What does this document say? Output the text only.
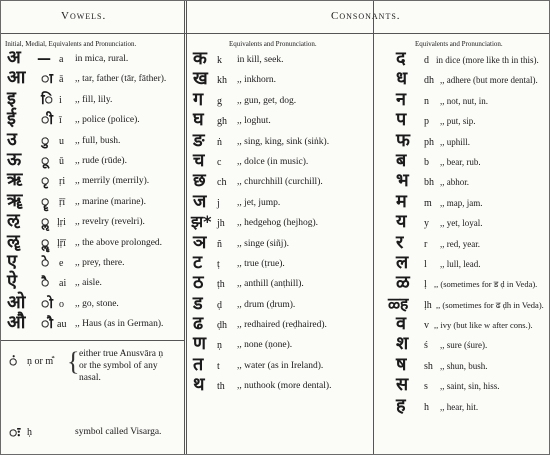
Vowels.	Consonants.
Initial, Medial, Equivalents and Pronunciation.	Equivalents and Pronunciation.	Equivalents and Pronunciation.
अ — a in mica, rural.
आ ा ā ,, tar, father (tār, fāther).
इ ि i ,, fill, lily.
ई ी ī ,, police (police).
उ ु u ,, full, bush.
ऊ ू ū ,, rude (rūde).
ऋ ृ ṛi ,, merrily (merrily).
ॠ ॄ ṝī ,, marine (marine).
ऌ ॢ ḷṛi ,, revelry (revelri).
ॡ ॣ ḷṝī ,, the above prolonged.
ए े e ,, prey, there.
ऐ ै ai ,, aisle.
ओ ो o ,, go, stone.
औ ौ au ,, Haus (as in German).
ं ṇ or m̐ { either true Anusvāra ṇ
or the symbol of any
nasal.
ः ḥ	symbol called Visarga.
क k in kill, seek.
ख kh ,, inkhorn.
ग g ,, gun, get, dog.
घ gh ,, loghut.
ङ ṅ ,, sing, king, sink (siṅk).
च c ,, dolce (in music).
छ ch ,, churchhill (curchill).
ज j ,, jet, jump.
झ* jh ,, hedgehog (hejhog).
ञ ñ ,, singe (siñj).
ट ṭ ,, true (ṭrue).
ठ ṭh ,, anthill (anṭhill).
ड ḍ ,, drum (ḍrum).
ढ ḍh ,, redhaired (reḍhaired).
ण ṇ ,, none (ṇone).
त t ,, water (as in Ireland).
थ th ,, nuthook (more dental).
द d in dice (more like th in this).
ध dh ,, adhere (but more dental).
न n ,, not, nut, in.
प p ,, put, sip.
फ ph ,, uphill.
ब b ,, bear, rub.
भ bh ,, abhor.
म m ,, map, jam.
य y ,, yet, loyal.
र r ,, red, year.
ल l ,, lull, lead.
ळ ḷ ,, (sometimes for ड ḍ in Veda).
ळ्ह ḷh ,, (sometimes for ढ ḍh in Veda).
व v ,, ivy (but like w after cons.).
श ś ,, sure (śure).
ष sh ,, shun, bush.
स s ,, saint, sin, hiss.
ह h ,, hear, hit.
